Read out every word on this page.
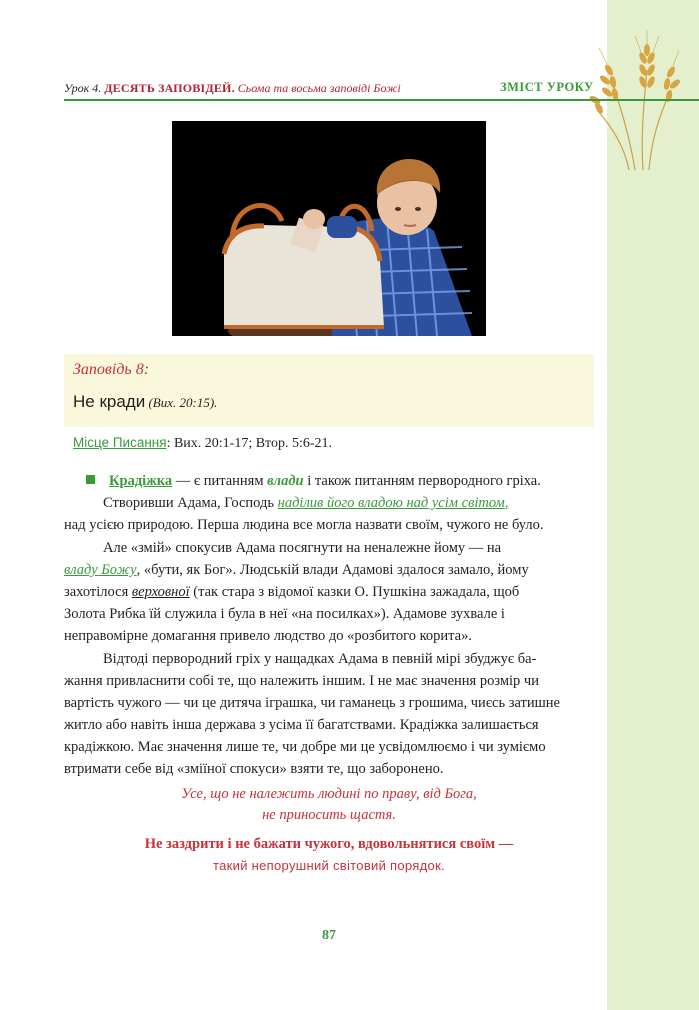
Урок 4. ДЕСЯТЬ ЗАПОВІДЕЙ. Сьома та восьма заповіді Божі	ЗМІСТ УРОКУ
Заповідь 8:
Не кради (Вих. 20:15).
Місце Писання: Вих. 20:1-17; Втор. 5:6-21.
Крадіжка — є питанням влади і також питанням первородного гріха.
Створивши Адама, Господь наділив його владою над усім світом,
над усією природою. Перша людина все могла назвати своїм, чужого не було.
Але «змій» спокусив Адама посягнути на неналежне йому — на
владу Божу, «бути, як Бог». Людській влади Адамові здалося замало, йому
захотілося верховної (так стара з відомої казки О. Пушкіна зажадала, щоб
Золота Рибка їй служила і була в неї «на посилках»). Адамове зухвале і
неправомірне домагання привело людство до «розбитого корита».
Відтоді первородний гріх у нащадках Адама в певній мірі збуджує ба-
жання привласнити собі те, що належить іншим. І не має значення розмір чи
вартість чужого — чи це дитяча іграшка, чи гаманець з грошима, чиєсь затишне
житло або навіть інша держава з усіма її багатствами. Крадіжка залишається
крадіжкою. Має значення лише те, чи добре ми це усвідомлюємо і чи зуміємо
втримати себе від «зміїної спокуси» взяти те, що заборонено.
Усе, що не належить людині по праву, від Бога,
не приносить щастя.
Не заздрити і не бажати чужого, вдовольнятися своїм —
такий непорушний світовий порядок.
87
